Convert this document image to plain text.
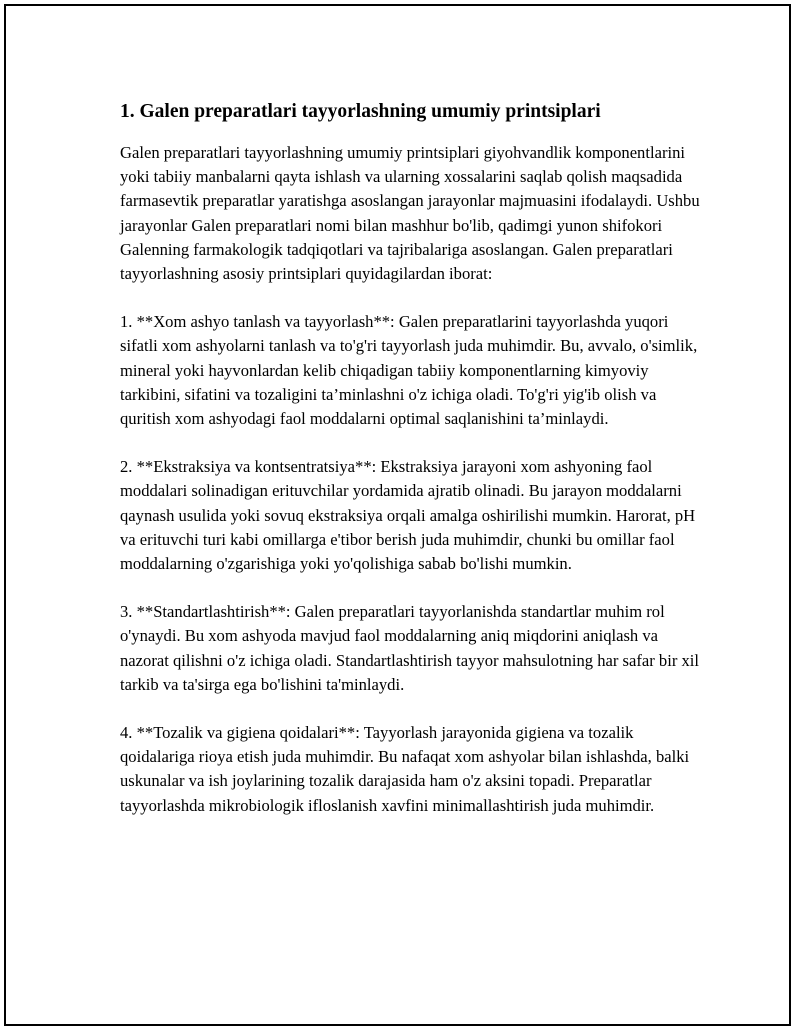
1. Galen preparatlari tayyorlashning umumiy printsiplari

Galen preparatlari tayyorlashning umumiy printsiplari giyohvandlik komponentlarini yoki tabiiy manbalarni qayta ishlash va ularning xossalarini saqlab qolish maqsadida farmasevtik preparatlar yaratishga asoslangan jarayonlar majmuasini ifodalaydi. Ushbu jarayonlar Galen preparatlari nomi bilan mashhur bo'lib, qadimgi yunon shifokori Galenning farmakologik tadqiqotlari va tajribalariga asoslangan. Galen preparatlari tayyorlashning asosiy printsiplari quyidagilardan iborat:

1. **Xom ashyo tanlash va tayyorlash**: Galen preparatlarini tayyorlashda yuqori sifatli xom ashyolarni tanlash va to'g'ri tayyorlash juda muhimdir. Bu, avvalo, o'simlik, mineral yoki hayvonlardan kelib chiqadigan tabiiy komponentlarning kimyoviy tarkibini, sifatini va tozaligini ta’minlashni o'z ichiga oladi. To'g'ri yig'ib olish va quritish xom ashyodagi faol moddalarni optimal saqlanishini ta’minlaydi.

2. **Ekstraksiya va kontsentratsiya**: Ekstraksiya jarayoni xom ashyoning faol moddalari solinadigan erituvchilar yordamida ajratib olinadi. Bu jarayon moddalarni qaynash usulida yoki sovuq ekstraksiya orqali amalga oshirilishi mumkin. Harorat, pH va erituvchi turi kabi omillarga e'tibor berish juda muhimdir, chunki bu omillar faol moddalarning o'zgarishiga yoki yo'qolishiga sabab bo'lishi mumkin.

3. **Standartlashtirish**: Galen preparatlari tayyorlanishda standartlar muhim rol o'ynaydi. Bu xom ashyoda mavjud faol moddalarning aniq miqdorini aniqlash va nazorat qilishni o'z ichiga oladi. Standartlashtirish tayyor mahsulotning har safar bir xil tarkib va ta'sirga ega bo'lishini ta'minlaydi.

4. **Tozalik va gigiena qoidalari**: Tayyorlash jarayonida gigiena va tozalik qoidalariga rioya etish juda muhimdir. Bu nafaqat xom ashyolar bilan ishlashda, balki uskunalar va ish joylarining tozalik darajasida ham o'z aksini topadi. Preparatlar tayyorlashda mikrobiologik ifloslanish xavfini minimallashtirish juda muhimdir.
